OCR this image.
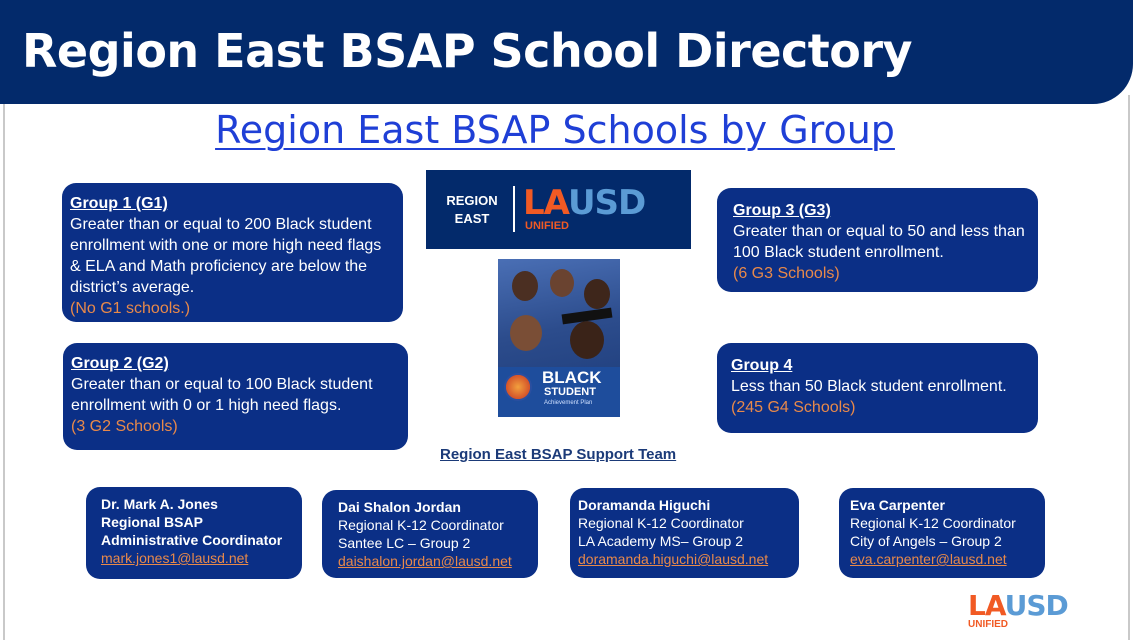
Region East BSAP School Directory
Region East BSAP Schools by Group
Group 1 (G1)
Greater than or equal to 200 Black student enrollment with one or more high need flags & ELA and Math proficiency are below the district’s average.
(No G1 schools.)
Group 2 (G2)
Greater than or equal to 100 Black student enrollment with 0 or 1 high need flags.
(3 G2 Schools)
Group 3 (G3)
Greater than or equal to 50 and less than 100 Black student enrollment.
(6 G3 Schools)
Group 4
Less than 50 Black student enrollment.
(245 G4 Schools)
REGION
EAST LAUSD
UNIFIED
BLACK
STUDENT
Achievement Plan
Region East BSAP Support Team
Dr. Mark A. Jones
Regional BSAP
Administrative Coordinator
mark.jones1@lausd.net
Dai Shalon Jordan
Regional K-12 Coordinator
Santee LC – Group 2
daishalon.jordan@lausd.net
Doramanda Higuchi
Regional K-12 Coordinator
LA Academy MS– Group 2
doramanda.higuchi@lausd.net
Eva Carpenter
Regional K-12 Coordinator
City of Angels – Group 2
eva.carpenter@lausd.net
LAUSD
UNIFIED
